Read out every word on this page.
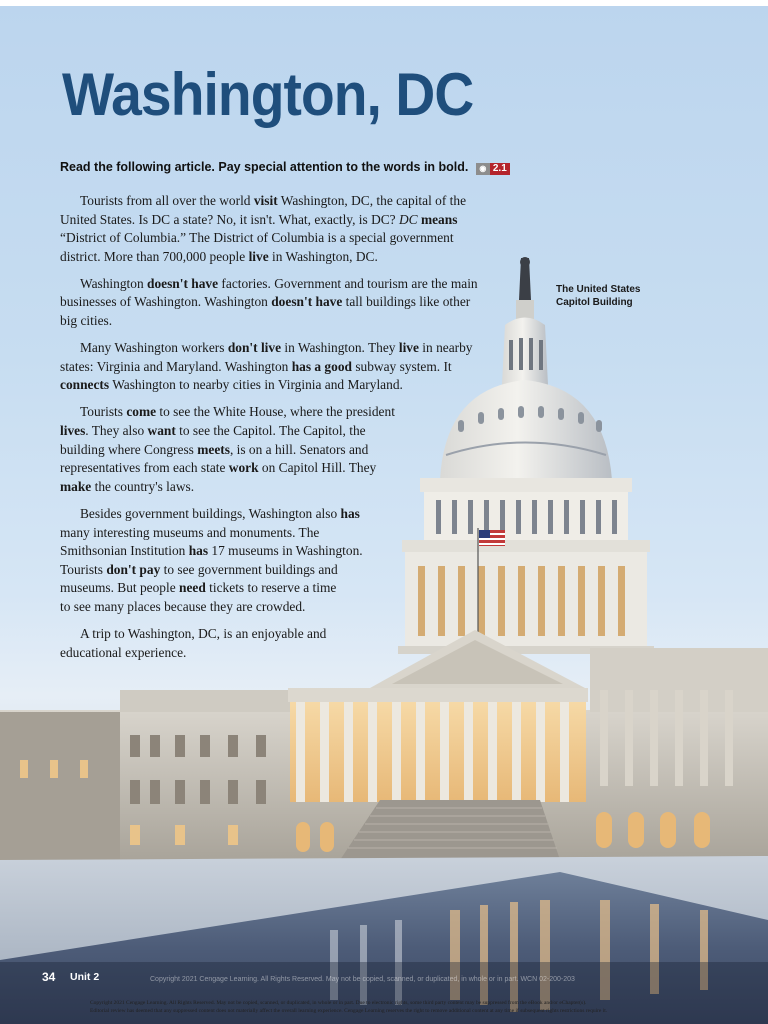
Washington, DC
Read the following article. Pay special attention to the words in bold. ◉ 2.1

Tourists from all over the world visit Washington, DC, the capital of the
United States. Is DC a state? No, it isn't. What, exactly, is DC? DC means
“District of Columbia.” The District of Columbia is a special government
district. More than 700,000 people live in Washington, DC.

Washington doesn't have factories. Government and tourism are the main
businesses of Washington. Washington doesn't have tall buildings like other
big cities.

Many Washington workers don't live in Washington. They live in nearby
states: Virginia and Maryland. Washington has a good subway system. It
connects Washington to nearby cities in Virginia and Maryland.

Tourists come to see the White House, where the president
lives. They also want to see the Capitol. The Capitol, the
building where Congress meets, is on a hill. Senators and
representatives from each state work on Capitol Hill. They
make the country's laws.

Besides government buildings, Washington also has
many interesting museums and monuments. The
Smithsonian Institution has 17 museums in Washington.
Tourists don't pay to see government buildings and
museums. But people need tickets to reserve a time
to see many places because they are crowded.

A trip to Washington, DC, is an enjoyable and
educational experience.

The United States
Capitol Building
34 Unit 2	Copyright 2021 Cengage Learning. All Rights Reserved. May not be copied, scanned, or duplicated, in whole or in part. WCN 02-200-203
Copyright 2021 Cengage Learning. All Rights Reserved. May not be copied, scanned, or duplicated, in whole or in part. Due to electronic rights, some third party content may be suppressed from the eBook and/or eChapter(s).
Editorial review has deemed that any suppressed content does not materially affect the overall learning experience. Cengage Learning reserves the right to remove additional content at any time if subsequent rights restrictions require it.
